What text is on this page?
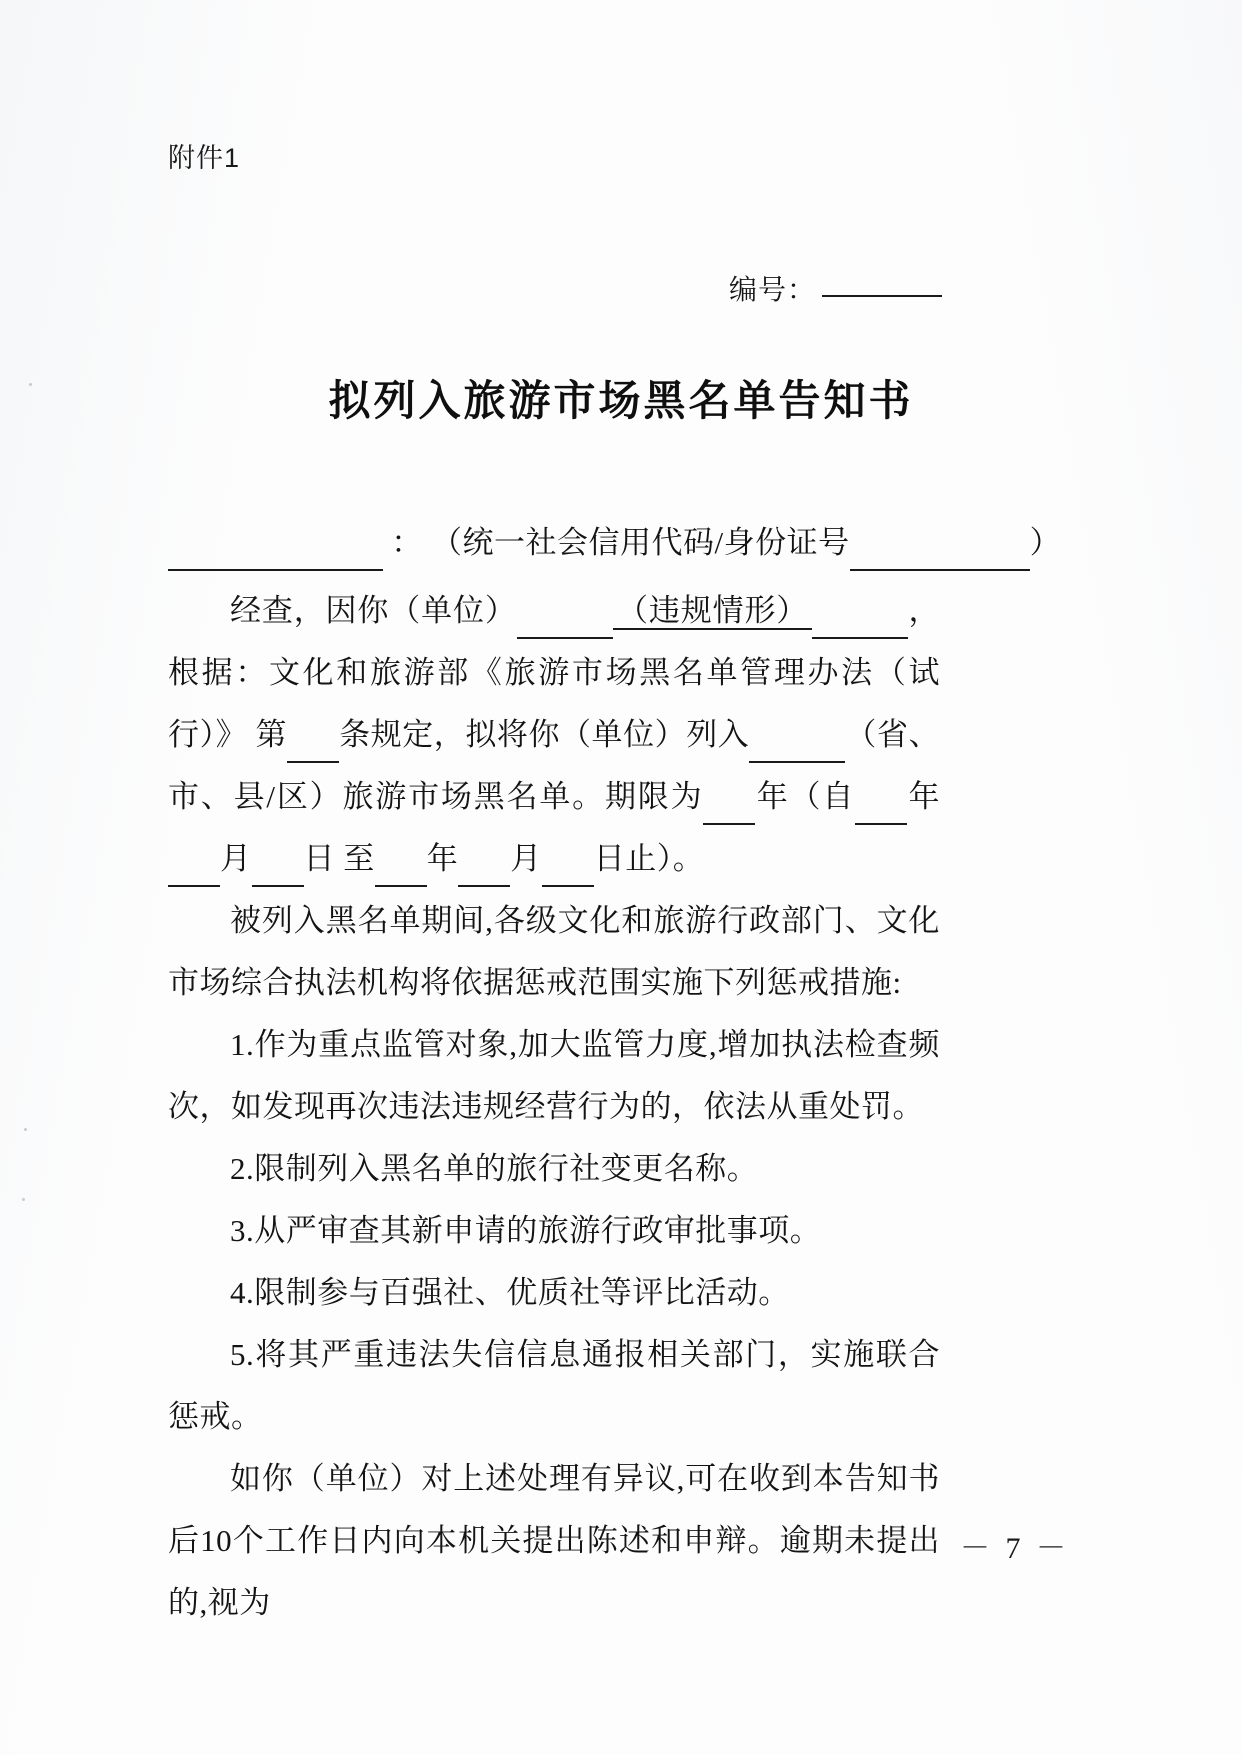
附件1
编号：
拟列入旅游市场黑名单告知书
： （统一社会信用代码/身份证号	）

经查，因你（单位）	（违规情形）	，根据：文化和旅游部《旅游市场黑名单管理办法（试行）》 第 条规定，拟将你（单位）列入	（省、市、县/区）旅游市场黑名单。期限为 年（自 年 月 日 至 年 月 日止）。

被列入黑名单期间,各级文化和旅游行政部门、文化市场综合执法机构将依据惩戒范围实施下列惩戒措施:

1.作为重点监管对象,加大监管力度,增加执法检查频次，如发现再次违法违规经营行为的，依法从重处罚。

2.限制列入黑名单的旅行社变更名称。

3.从严审查其新申请的旅游行政审批事项。

4.限制参与百强社、优质社等评比活动。

5.将其严重违法失信信息通报相关部门，实施联合惩戒。

如你（单位）对上述处理有异议,可在收到本告知书后10个工作日内向本机关提出陈述和申辩。逾期未提出的,视为

－ 7 －
